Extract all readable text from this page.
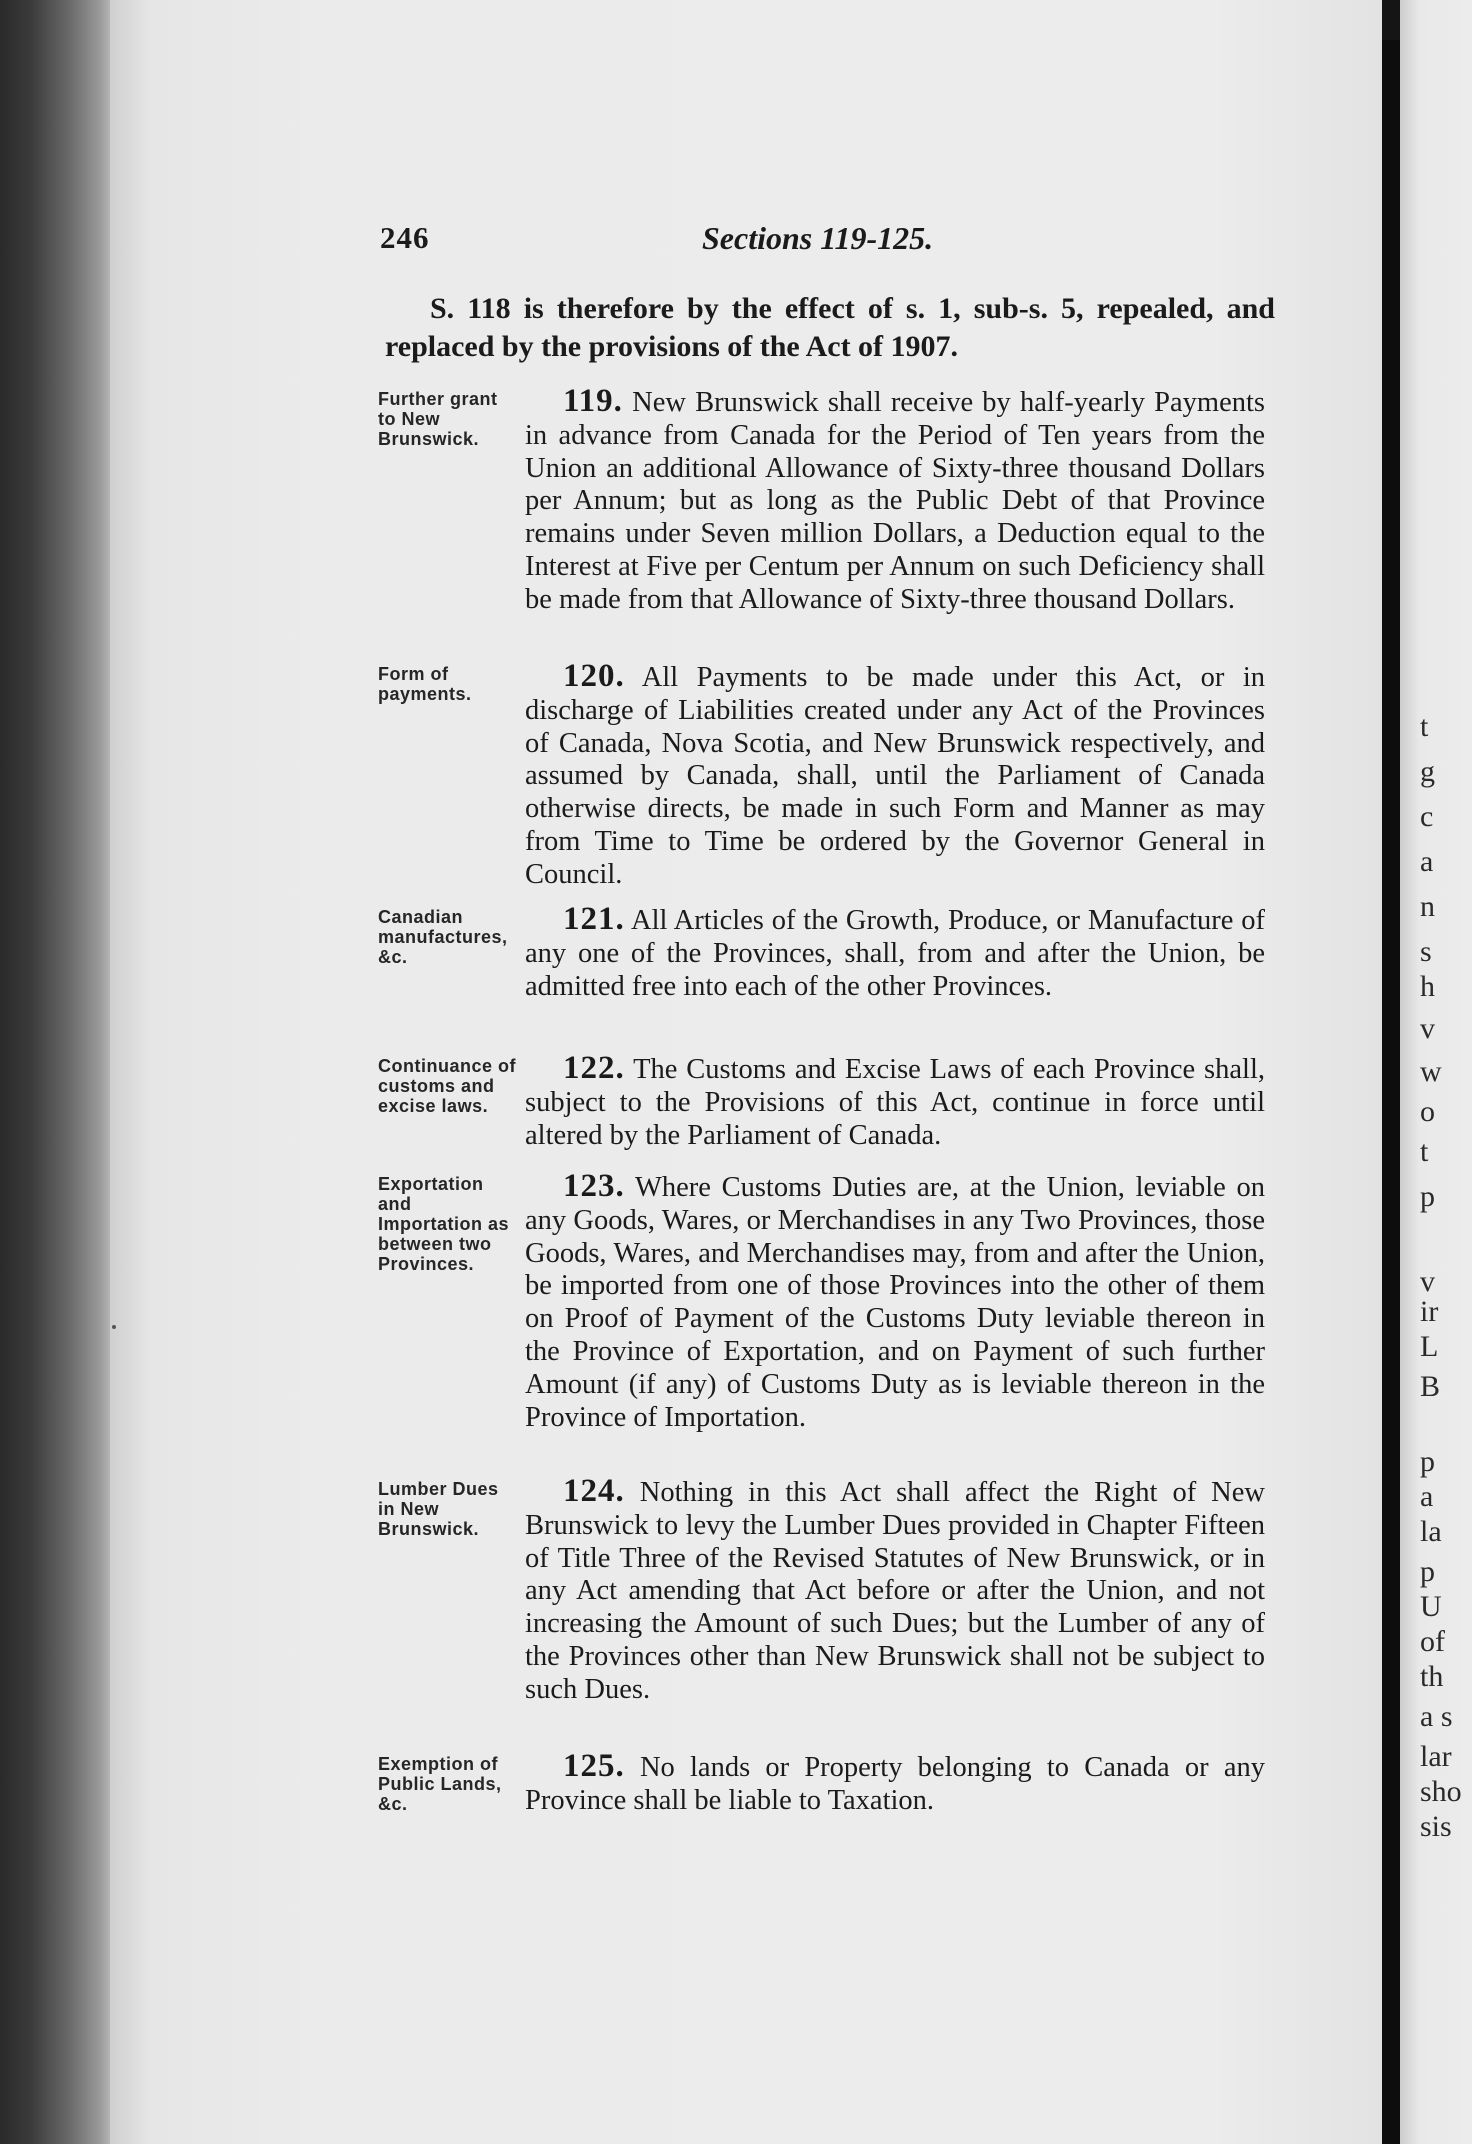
t
g
c
a
n
s
h
v
w
o
t
p
v
ir
L
B
p
a
la
p
U
of
th
a s
lar
sho
sis
246	Sections 119-125.
S. 118 is therefore by the effect of s. 1, sub-s. 5, repealed, and replaced by the provisions of the Act of 1907.
Further grant to New Brunswick.
119. New Brunswick shall receive by half-yearly Payments in advance from Canada for the Period of Ten years from the Union an additional Allowance of Sixty-three thousand Dollars per Annum; but as long as the Public Debt of that Province remains under Seven million Dollars, a Deduction equal to the Interest at Five per Centum per Annum on such Deficiency shall be made from that Allowance of Sixty-three thousand Dollars.
Form of payments.	120. All Payments to be made under this Act, or in discharge of Liabilities created under any Act of the Provinces of Canada, Nova Scotia, and New Brunswick respectively, and assumed by Canada, shall, until the Parliament of Canada otherwise directs, be made in such Form and Manner as may from Time to Time be ordered by the Governor General in Council.
Canadian manufactures, &c.
121. All Articles of the Growth, Produce, or Manufacture of any one of the Provinces, shall, from and after the Union, be admitted free into each of the other Provinces.
Continuance of customs and excise laws.
122. The Customs and Excise Laws of each Province shall, subject to the Provisions of this Act, continue in force until altered by the Parliament of Canada.
Exportation and Importation as between two Provinces.
123. Where Customs Duties are, at the Union, leviable on any Goods, Wares, or Merchandises in any Two Provinces, those Goods, Wares, and Merchandises may, from and after the Union, be imported from one of those Provinces into the other of them on Proof of Payment of the Customs Duty leviable thereon in the Province of Exportation, and on Payment of such further Amount (if any) of Customs Duty as is leviable thereon in the Province of Importation.
Lumber Dues in New Brunswick.
124. Nothing in this Act shall affect the Right of New Brunswick to levy the Lumber Dues provided in Chapter Fifteen of Title Three of the Revised Statutes of New Brunswick, or in any Act amending that Act before or after the Union, and not increasing the Amount of such Dues; but the Lumber of any of the Provinces other than New Brunswick shall not be subject to such Dues.
Exemption of Public Lands, &c.
125. No lands or Property belonging to Canada or any Province shall be liable to Taxation.
